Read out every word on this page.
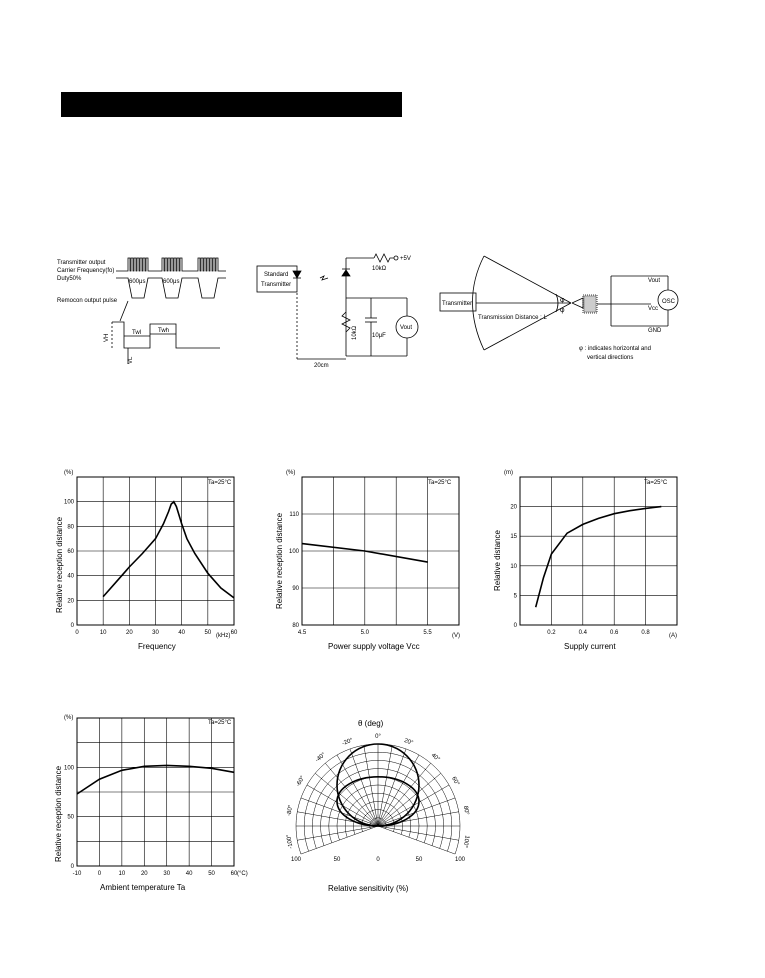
Transmitter output
Carrier Frequency(fo)
Duty50%	600μs	600μs
Remocon output pulse
Twl	Twh
VH
VL
Standard
Transmitter
+5V
10kΩ
10kΩ 10μF
Vout
20cm
Transmitter
Transmission Distance : L
φ
φ
Vout
Vcc
GND
OSC
φ : indicates horizontal and
vertical directions
0	10	20	30	40	50	60
0
20
40
60
80
100
(%)
Ta=25°C
Relative reception distance
Frequency
(kHz)	4.5	5.0	5.5
80
90
100
110
(%)
Ta=25°C
Relative reception distance
Power supply voltage Vcc
(V)	0.2	0.4	0.6	0.8
0
5
10
15
20
(m)
Ta=25°C
Relative distance
Supply current
(A)
-10	0	10	20	30	40	50	60
0
50
100
(%)
Ta=25°C
Relative reception distance
Ambient temperature Ta
(°C)
0°
20°
40°
60°
80°
100°
-20°
-40°
-60°
-80°
-100°
100	50	0	50	100
θ (deg)
Relative sensitivity (%)
